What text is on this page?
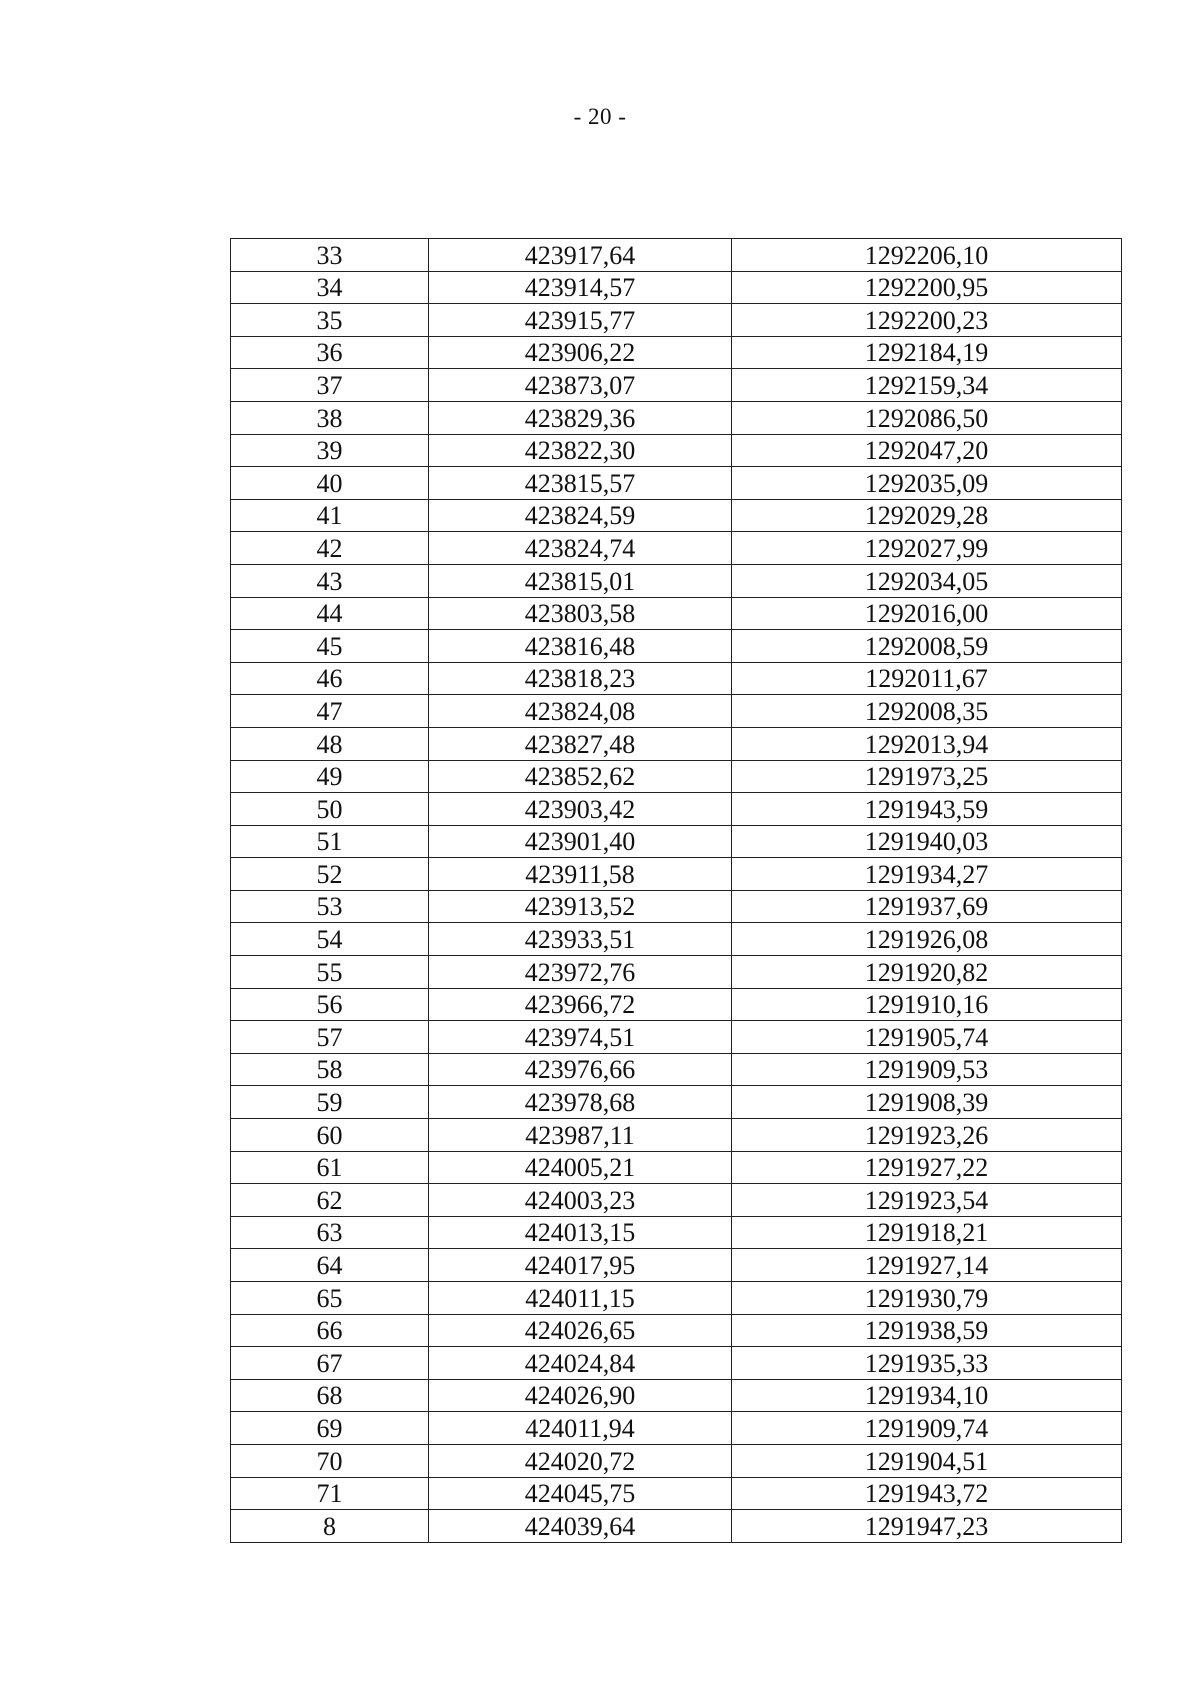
- 20 -
33	423917,64	1292206,10
34	423914,57	1292200,95
35	423915,77	1292200,23
36	423906,22	1292184,19
37	423873,07	1292159,34
38	423829,36	1292086,50
39	423822,30	1292047,20
40	423815,57	1292035,09
41	423824,59	1292029,28
42	423824,74	1292027,99
43	423815,01	1292034,05
44	423803,58	1292016,00
45	423816,48	1292008,59
46	423818,23	1292011,67
47	423824,08	1292008,35
48	423827,48	1292013,94
49	423852,62	1291973,25
50	423903,42	1291943,59
51	423901,40	1291940,03
52	423911,58	1291934,27
53	423913,52	1291937,69
54	423933,51	1291926,08
55	423972,76	1291920,82
56	423966,72	1291910,16
57	423974,51	1291905,74
58	423976,66	1291909,53
59	423978,68	1291908,39
60	423987,11	1291923,26
61	424005,21	1291927,22
62	424003,23	1291923,54
63	424013,15	1291918,21
64	424017,95	1291927,14
65	424011,15	1291930,79
66	424026,65	1291938,59
67	424024,84	1291935,33
68	424026,90	1291934,10
69	424011,94	1291909,74
70	424020,72	1291904,51
71	424045,75	1291943,72
8	424039,64	1291947,23
